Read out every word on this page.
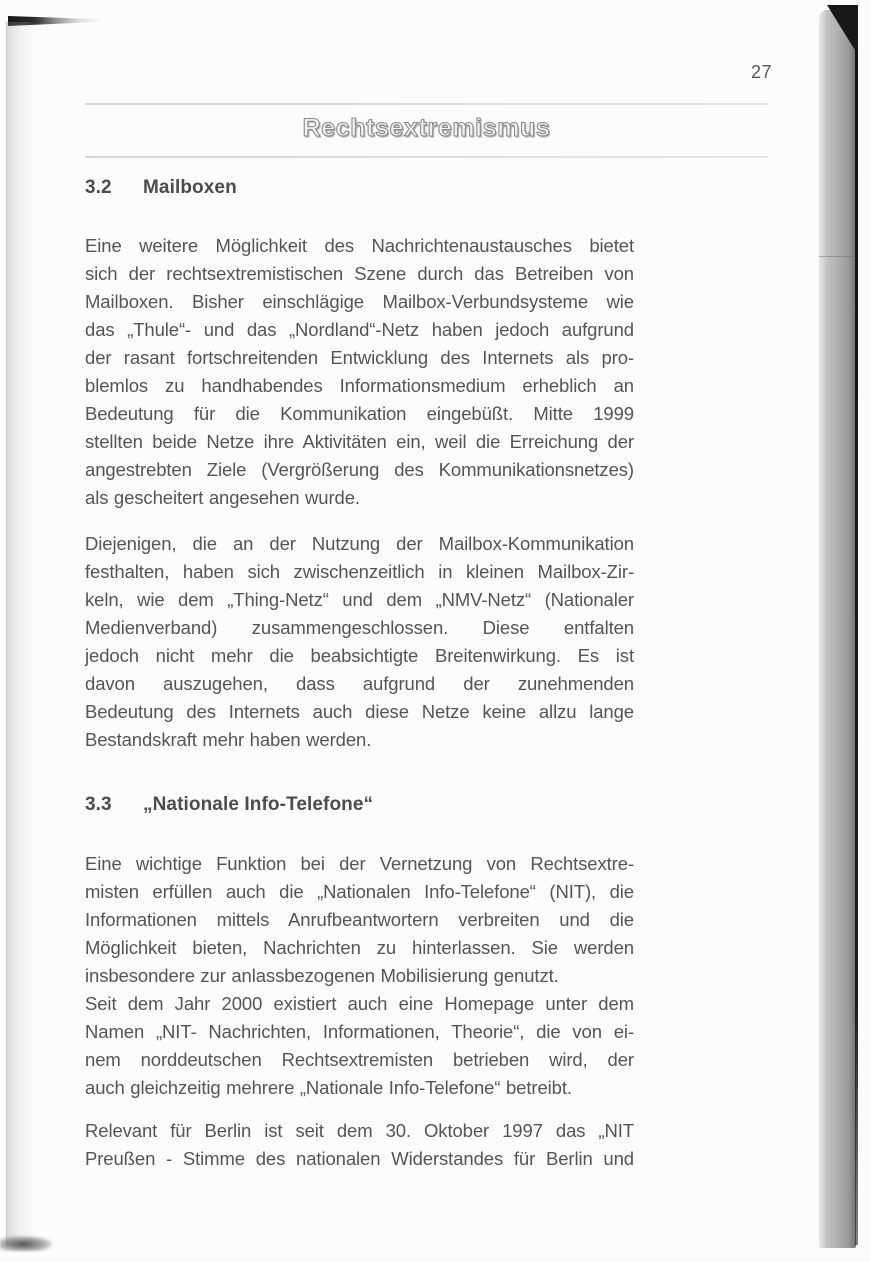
27
Rechtsextremismus
3.2 Mailboxen
Eine weitere Möglichkeit des Nachrichtenaustausches bietet
sich der rechtsextremistischen Szene durch das Betreiben von
Mailboxen. Bisher einschlägige Mailbox-Verbundsysteme wie
das „Thule“- und das „Nordland“-Netz haben jedoch aufgrund
der rasant fortschreitenden Entwicklung des Internets als pro-
blemlos zu handhabendes Informationsmedium erheblich an
Bedeutung für die Kommunikation eingebüßt. Mitte 1999
stellten beide Netze ihre Aktivitäten ein, weil die Erreichung der
angestrebten Ziele (Vergrößerung des Kommunikationsnetzes)
als gescheitert angesehen wurde.
Diejenigen, die an der Nutzung der Mailbox-Kommunikation
festhalten, haben sich zwischenzeitlich in kleinen Mailbox-Zir-
keln, wie dem „Thing-Netz“ und dem „NMV-Netz“ (Nationaler
Medienverband) zusammengeschlossen. Diese entfalten
jedoch nicht mehr die beabsichtigte Breitenwirkung. Es ist
davon auszugehen, dass aufgrund der zunehmenden
Bedeutung des Internets auch diese Netze keine allzu lange
Bestandskraft mehr haben werden.
3.3 „Nationale Info-Telefone“
Eine wichtige Funktion bei der Vernetzung von Rechtsextre-
misten erfüllen auch die „Nationalen Info-Telefone“ (NIT), die
Informationen mittels Anrufbeantwortern verbreiten und die
Möglichkeit bieten, Nachrichten zu hinterlassen. Sie werden
insbesondere zur anlassbezogenen Mobilisierung genutzt.
Seit dem Jahr 2000 existiert auch eine Homepage unter dem
Namen „NIT- Nachrichten, Informationen, Theorie“, die von ei-
nem norddeutschen Rechtsextremisten betrieben wird, der
auch gleichzeitig mehrere „Nationale Info-Telefone“ betreibt.
Relevant für Berlin ist seit dem 30. Oktober 1997 das „NIT
Preußen - Stimme des nationalen Widerstandes für Berlin und
